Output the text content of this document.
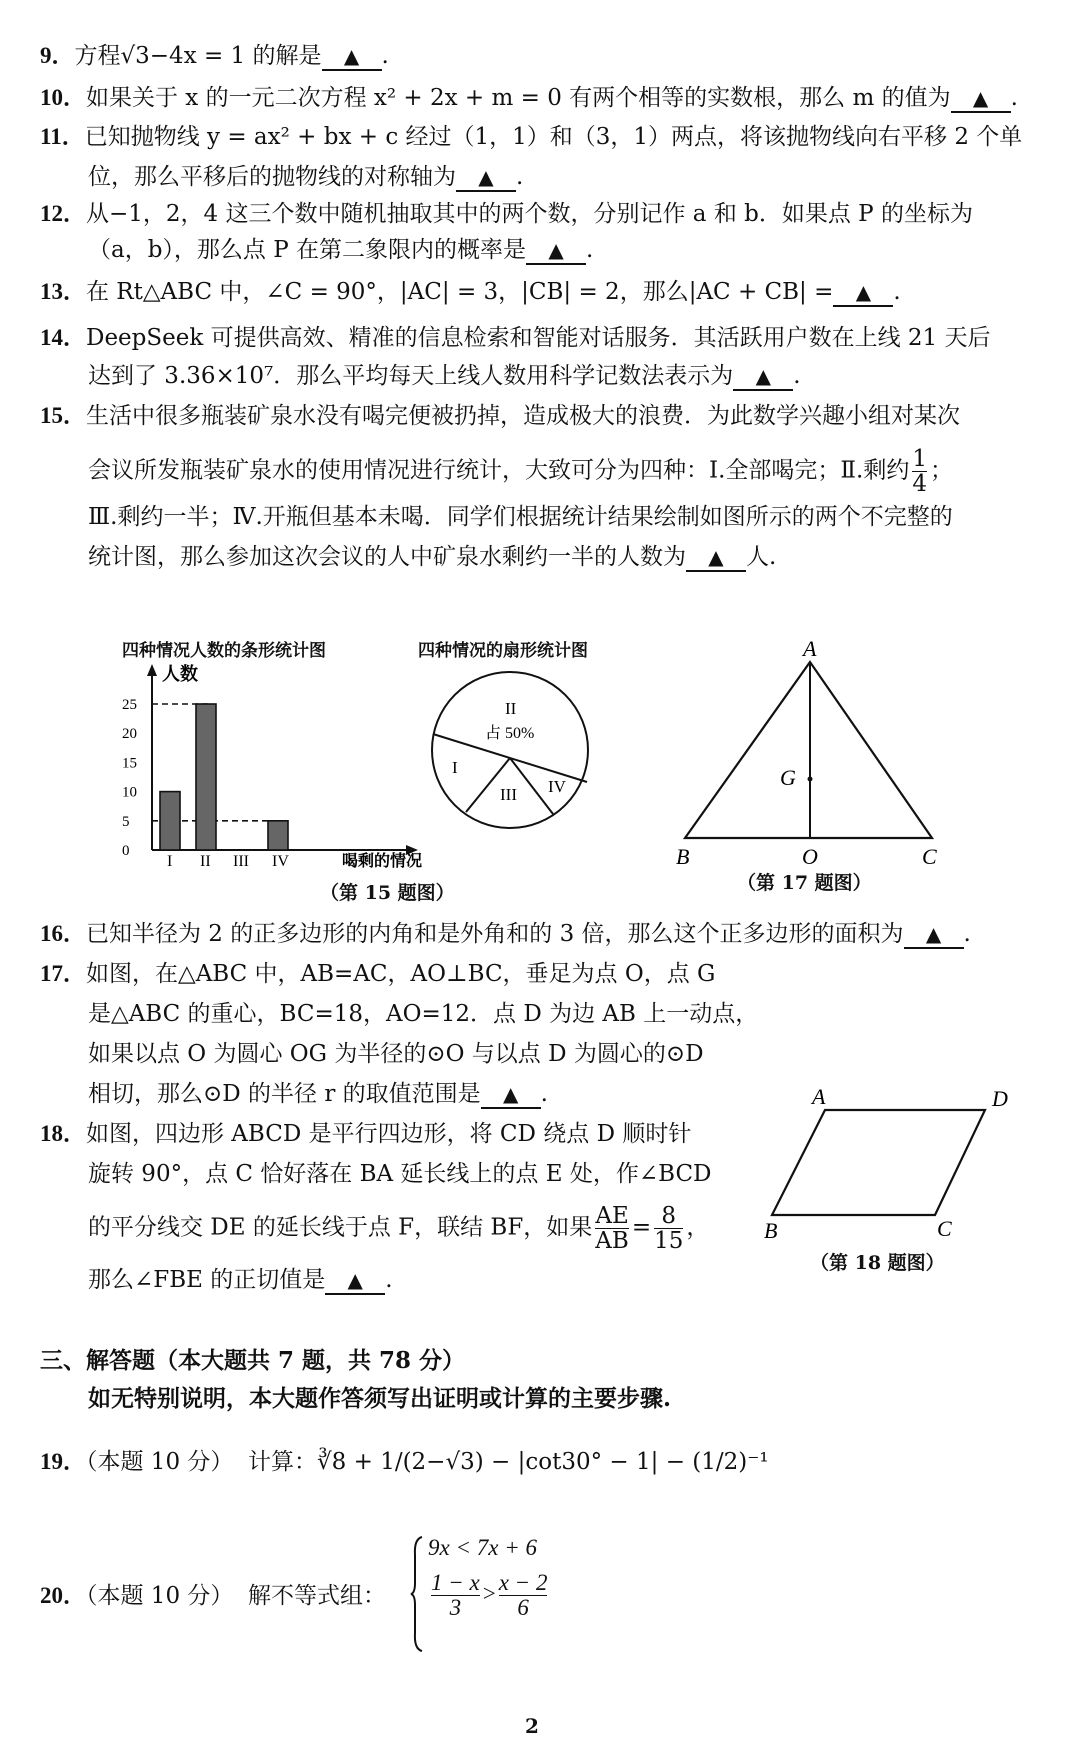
9．方程√3−4x = 1 的解是 ▲ .
10．如果关于 x 的一元二次方程 x² + 2x + m = 0 有两个相等的实数根，那么 m 的值为 ▲ .
11．已知抛物线 y = ax² + bx + c 经过（1，1）和（3，1）两点，将该抛物线向右平移 2 个单
位，那么平移后的抛物线的对称轴为 ▲ .
12．从−1，2，4 这三个数中随机抽取其中的两个数，分别记作 a 和 b．如果点 P 的坐标为
（a，b），那么点 P 在第二象限内的概率是 ▲ .
13．在 Rt△ABC 中，∠C = 90°，|AC| = 3，|CB| = 2，那么|AC + CB| = ▲ .
14．DeepSeek 可提供高效、精准的信息检索和智能对话服务．其活跃用户数在上线 21 天后
达到了 3.36×10⁷．那么平均每天上线人数用科学记数法表示为 ▲ .
15．生活中很多瓶装矿泉水没有喝完便被扔掉，造成极大的浪费．为此数学兴趣小组对某次
会议所发瓶装矿泉水的使用情况进行统计，大致可分为四种：Ⅰ.全部喝完；Ⅱ.剩约 $\frac{1}{4}$ ；
Ⅲ.剩约一半；Ⅳ.开瓶但基本未喝．同学们根据统计结果绘制如图所示的两个不完整的
统计图，那么参加这次会议的人中矿泉水剩约一半的人数为 ▲ 人.
四种情况人数的条形统计图	四种情况的扇形统计图
人数
喝剩的情况
25
20
15
10
5
0
I II III IV
II
占 50%
I
III IV
（第 15 题图）
A
G
B	O	C
（第 17 题图）
16．已知半径为 2 的正多边形的内角和是外角和的 3 倍，那么这个正多边形的面积为 ▲ .
17．如图，在△ABC 中，AB=AC，AO⊥BC，垂足为点 O，点 G
是△ABC 的重心，BC=18，AO=12．点 D 为边 AB 上一动点，
如果以点 O 为圆心 OG 为半径的⊙O 与以点 D 为圆心的⊙D
相切，那么⊙D 的半径 r 的取值范围是 ▲ .
18．如图，四边形 ABCD 是平行四边形，将 CD 绕点 D 顺时针
旋转 90°，点 C 恰好落在 BA 延长线上的点 E 处，作∠BCD
的平分线交 DE 的延长线于点 F，联结 BF，如果 $\frac{AE}{AB} = \frac{8}{15}$ ，
那么∠FBE 的正切值是 ▲ .
A	D
B	C
（第 18 题图）
三、解答题（本大题共 7 题，共 78 分）
如无特别说明，本大题作答须写出证明或计算的主要步骤.
19．（本题 10 分） 计算：∛8 + 1/(2−√3) − |cot30° − 1| − (1/2)⁻¹
20．（本题 10 分） 解不等式组：
9x < 7x + 6
$\frac{1 - x}{3} > \frac{x - 2}{6}$
2
